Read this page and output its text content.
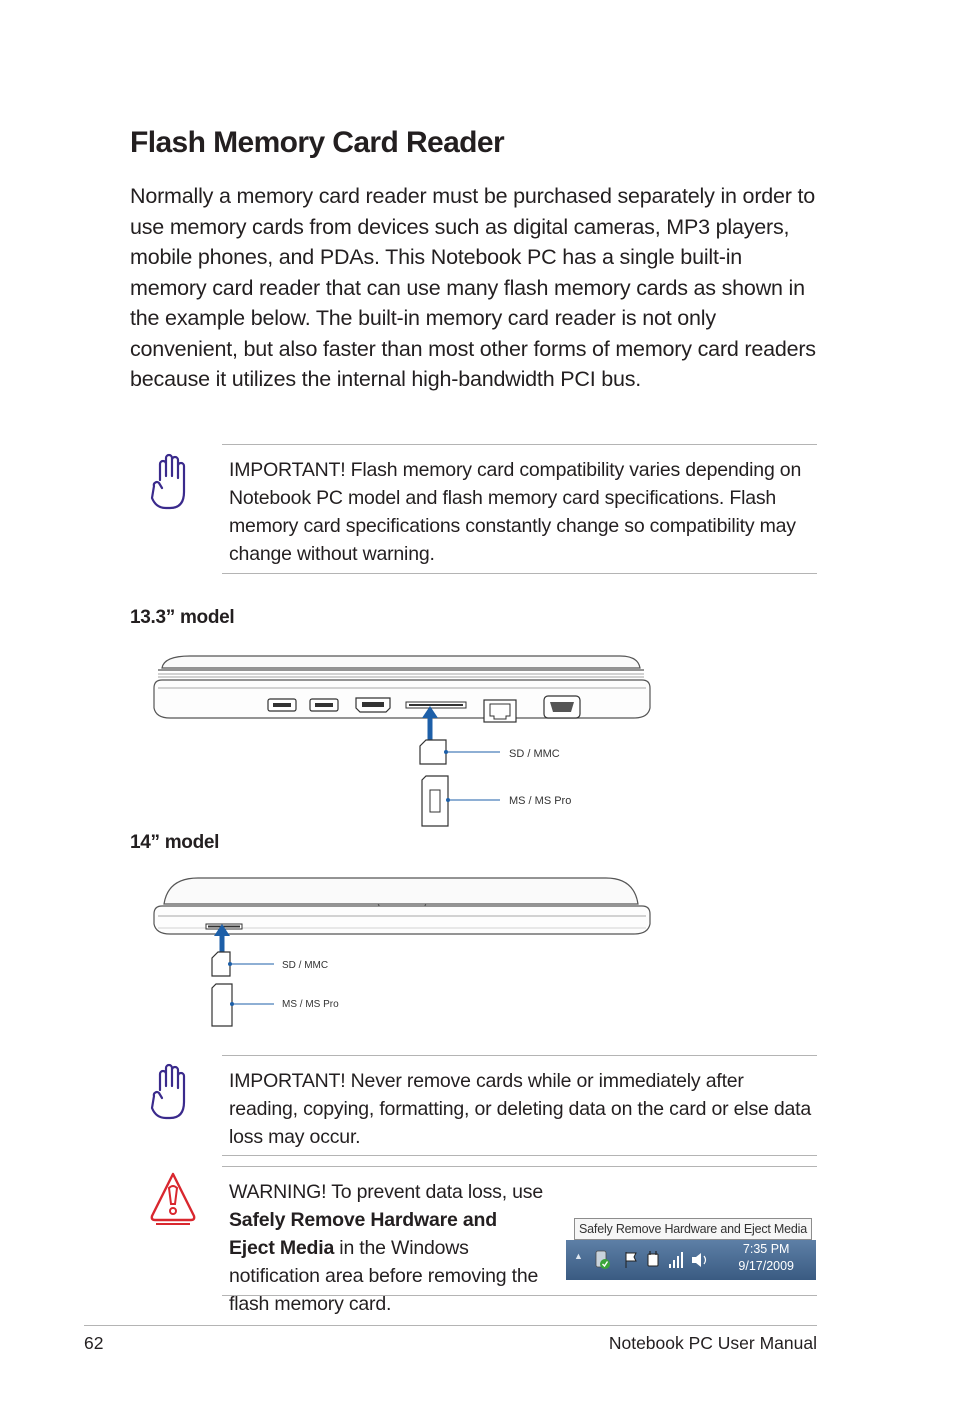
Flash Memory Card Reader

Normally a memory card reader must be purchased separately in order to use memory cards from devices such as digital cameras, MP3 players, mobile phones, and PDAs. This Notebook PC has a single built-in memory card reader that can use many flash memory cards as shown in the example below. The built-in memory card reader is not only convenient, but also faster than most other forms of memory card readers because it utilizes the internal high-bandwidth PCI bus.

IMPORTANT! Flash memory card compatibility varies depending on Notebook PC model and flash memory card specifications. Flash memory card specifications constantly change so compatibility may change without warning.

13.3” model

SD / MMC
MS / MS Pro

14” model

SD / MMC
MS / MS Pro

IMPORTANT! Never remove cards while or immediately after reading, copying, formatting, or deleting data on the card or else data loss may occur.

WARNING! To prevent data loss, use Safely Remove Hardware and Eject Media in the Windows notification area before removing the flash memory card.

Safely Remove Hardware and Eject Media
▲	7:35 PM
9/17/2009
62	Notebook PC User Manual
